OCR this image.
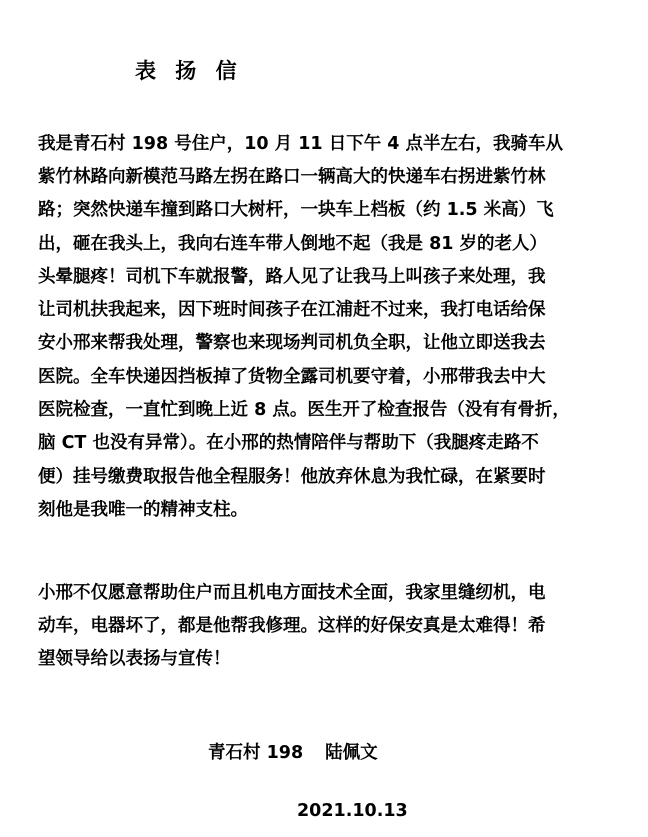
表 扬 信
我是青石村 198 号住户，10 月 11 日下午 4 点半左右，我骑车从
紫竹林路向新模范马路左拐在路口一辆高大的快递车右拐进紫竹林
路；突然快递车撞到路口大树杆，一块车上档板（约 1.5 米高）飞
出，砸在我头上，我向右连车带人倒地不起（我是 81 岁的老人）
头晕腿疼！司机下车就报警，路人见了让我马上叫孩子来处理，我
让司机扶我起来，因下班时间孩子在江浦赶不过来，我打电话给保
安小邢来帮我处理，警察也来现场判司机负全职，让他立即送我去
医院。全车快递因挡板掉了货物全露司机要守着，小邢带我去中大
医院检查，一直忙到晚上近 8 点。医生开了检查报告（没有有骨折，
脑 CT 也没有异常）。在小邢的热情陪伴与帮助下（我腿疼走路不
便）挂号缴费取报告他全程服务！他放弃休息为我忙碌，在紧要时
刻他是我唯一的精神支柱。
小邢不仅愿意帮助住户而且机电方面技术全面，我家里缝纫机，电
动车，电器坏了，都是他帮我修理。这样的好保安真是太难得！希
望领导给以表扬与宣传！
青石村 198 陆佩文
2021.10.13
